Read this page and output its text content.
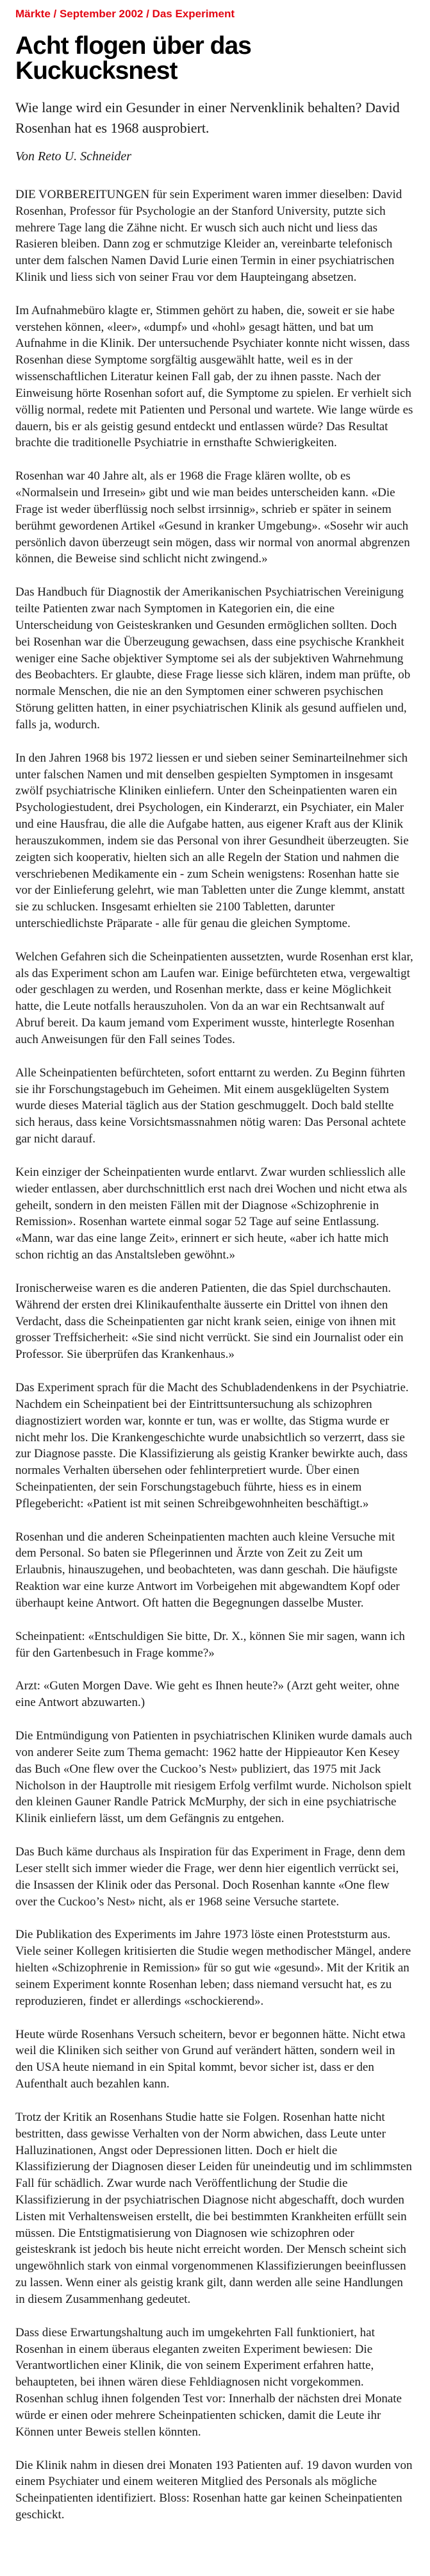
Märkte / September 2002 / Das Experiment
Acht flogen über das Kuckucksnest

Wie lange wird ein Gesunder in einer Nervenklinik behalten? David Rosenhan hat es 1968 ausprobiert.

Von Reto U. Schneider

DIE VORBEREITUNGEN für sein Experiment waren immer dieselben: David Rosenhan, Professor für Psychologie an der Stanford University, putzte sich mehrere Tage lang die Zähne nicht. Er wusch sich auch nicht und liess das Rasieren bleiben. Dann zog er schmutzige Kleider an, vereinbarte telefonisch unter dem falschen Namen David Lurie einen Termin in einer psychiatrischen Klinik und liess sich von seiner Frau vor dem Haupteingang absetzen.

Im Aufnahmebüro klagte er, Stimmen gehört zu haben, die, soweit er sie habe verstehen können, «leer», «dumpf» und «hohl» gesagt hätten, und bat um Aufnahme in die Klinik. Der untersuchende Psychiater konnte nicht wissen, dass Rosenhan diese Symptome sorgfältig ausgewählt hatte, weil es in der wissenschaftlichen Literatur keinen Fall gab, der zu ihnen passte. Nach der Einweisung hörte Rosenhan sofort auf, die Symptome zu spielen. Er verhielt sich völlig normal, redete mit Patienten und Personal und wartete. Wie lange würde es dauern, bis er als geistig gesund entdeckt und entlassen würde? Das Resultat brachte die traditionelle Psychiatrie in ernsthafte Schwierigkeiten.

Rosenhan war 40 Jahre alt, als er 1968 die Frage klären wollte, ob es «Normalsein und Irresein» gibt und wie man beides unterscheiden kann. «Die Frage ist weder überflüssig noch selbst irrsinnig», schrieb er später in seinem berühmt gewordenen Artikel «Gesund in kranker Umgebung». «Sosehr wir auch persönlich davon überzeugt sein mögen, dass wir normal von anormal abgrenzen können, die Beweise sind schlicht nicht zwingend.»

Das Handbuch für Diagnostik der Amerikanischen Psychiatrischen Vereinigung teilte Patienten zwar nach Symptomen in Kategorien ein, die eine Unterscheidung von Geisteskranken und Gesunden ermöglichen sollten. Doch bei Rosenhan war die Überzeugung gewachsen, dass eine psychische Krankheit weniger eine Sache objektiver Symptome sei als der subjektiven Wahrnehmung des Beobachters. Er glaubte, diese Frage liesse sich klären, indem man prüfte, ob normale Menschen, die nie an den Symptomen einer schweren psychischen Störung gelitten hatten, in einer psychiatrischen Klinik als gesund auffielen und, falls ja, wodurch.

In den Jahren 1968 bis 1972 liessen er und sieben seiner Seminarteilnehmer sich unter falschen Namen und mit denselben gespielten Symptomen in insgesamt zwölf psychiatrische Kliniken einliefern. Unter den Scheinpatienten waren ein Psychologiestudent, drei Psychologen, ein Kinderarzt, ein Psychiater, ein Maler und eine Hausfrau, die alle die Aufgabe hatten, aus eigener Kraft aus der Klinik herauszukommen, indem sie das Personal von ihrer Gesundheit überzeugten. Sie zeigten sich kooperativ, hielten sich an alle Regeln der Station und nahmen die verschriebenen Medikamente ein - zum Schein wenigstens: Rosenhan hatte sie vor der Einlieferung gelehrt, wie man Tabletten unter die Zunge klemmt, anstatt sie zu schlucken. Insgesamt erhielten sie 2100 Tabletten, darunter unterschiedlichste Präparate - alle für genau die gleichen Symptome.

Welchen Gefahren sich die Scheinpatienten aussetzten, wurde Rosenhan erst klar, als das Experiment schon am Laufen war. Einige befürchteten etwa, vergewaltigt oder geschlagen zu werden, und Rosenhan merkte, dass er keine Möglichkeit hatte, die Leute notfalls herauszuholen. Von da an war ein Rechtsanwalt auf Abruf bereit. Da kaum jemand vom Experiment wusste, hinterlegte Rosenhan auch Anweisungen für den Fall seines Todes.

Alle Scheinpatienten befürchteten, sofort enttarnt zu werden. Zu Beginn führten sie ihr Forschungstagebuch im Geheimen. Mit einem ausgeklügelten System wurde dieses Material täglich aus der Station geschmuggelt. Doch bald stellte sich heraus, dass keine Vorsichtsmassnahmen nötig waren: Das Personal achtete gar nicht darauf.

Kein einziger der Scheinpatienten wurde entlarvt. Zwar wurden schliesslich alle wieder entlassen, aber durchschnittlich erst nach drei Wochen und nicht etwa als geheilt, sondern in den meisten Fällen mit der Diagnose «Schizophrenie in Remission». Rosenhan wartete einmal sogar 52 Tage auf seine Entlassung. «Mann, war das eine lange Zeit», erinnert er sich heute, «aber ich hatte mich schon richtig an das Anstaltsleben gewöhnt.»

Ironischerweise waren es die anderen Patienten, die das Spiel durchschauten. Während der ersten drei Klinikaufenthalte äusserte ein Drittel von ihnen den Verdacht, dass die Scheinpatienten gar nicht krank seien, einige von ihnen mit grosser Treffsicherheit: «Sie sind nicht verrückt. Sie sind ein Journalist oder ein Professor. Sie überprüfen das Krankenhaus.»

Das Experiment sprach für die Macht des Schubladendenkens in der Psychiatrie. Nachdem ein Scheinpatient bei der Eintrittsuntersuchung als schizophren diagnostiziert worden war, konnte er tun, was er wollte, das Stigma wurde er nicht mehr los. Die Krankengeschichte wurde unabsichtlich so verzerrt, dass sie zur Diagnose passte. Die Klassifizierung als geistig Kranker bewirkte auch, dass normales Verhalten übersehen oder fehlinterpretiert wurde. Über einen Scheinpatienten, der sein Forschungstagebuch führte, hiess es in einem Pflegebericht: «Patient ist mit seinen Schreibgewohnheiten beschäftigt.»

Rosenhan und die anderen Scheinpatienten machten auch kleine Versuche mit dem Personal. So baten sie Pflegerinnen und Ärzte von Zeit zu Zeit um Erlaubnis, hinauszugehen, und beobachteten, was dann geschah. Die häufigste Reaktion war eine kurze Antwort im Vorbeigehen mit abgewandtem Kopf oder überhaupt keine Antwort. Oft hatten die Begegnungen dasselbe Muster.

Scheinpatient: «Entschuldigen Sie bitte, Dr. X., können Sie mir sagen, wann ich für den Gartenbesuch in Frage komme?»

Arzt: «Guten Morgen Dave. Wie geht es Ihnen heute?» (Arzt geht weiter, ohne eine Antwort abzuwarten.)

Die Entmündigung von Patienten in psychiatrischen Kliniken wurde damals auch von anderer Seite zum Thema gemacht: 1962 hatte der Hippieautor Ken Kesey das Buch «One flew over the Cuckoo’s Nest» publiziert, das 1975 mit Jack Nicholson in der Hauptrolle mit riesigem Erfolg verfilmt wurde. Nicholson spielt den kleinen Gauner Randle Patrick McMurphy, der sich in eine psychiatrische Klinik einliefern lässt, um dem Gefängnis zu entgehen.

Das Buch käme durchaus als Inspiration für das Experiment in Frage, denn dem Leser stellt sich immer wieder die Frage, wer denn hier eigentlich verrückt sei, die Insassen der Klinik oder das Personal. Doch Rosenhan kannte «One flew over the Cuckoo’s Nest» nicht, als er 1968 seine Versuche startete.

Die Publikation des Experiments im Jahre 1973 löste einen Proteststurm aus. Viele seiner Kollegen kritisierten die Studie wegen methodischer Mängel, andere hielten «Schizophrenie in Remission» für so gut wie «gesund». Mit der Kritik an seinem Experiment konnte Rosenhan leben; dass niemand versucht hat, es zu reproduzieren, findet er allerdings «schockierend».

Heute würde Rosenhans Versuch scheitern, bevor er begonnen hätte. Nicht etwa weil die Kliniken sich seither von Grund auf verändert hätten, sondern weil in den USA heute niemand in ein Spital kommt, bevor sicher ist, dass er den Aufenthalt auch bezahlen kann.

Trotz der Kritik an Rosenhans Studie hatte sie Folgen. Rosenhan hatte nicht bestritten, dass gewisse Verhalten von der Norm abwichen, dass Leute unter Halluzinationen, Angst oder Depressionen litten. Doch er hielt die Klassifizierung der Diagnosen dieser Leiden für uneindeutig und im schlimmsten Fall für schädlich. Zwar wurde nach Veröffentlichung der Studie die Klassifizierung in der psychiatrischen Diagnose nicht abgeschafft, doch wurden Listen mit Verhaltensweisen erstellt, die bei bestimmten Krankheiten erfüllt sein müssen. Die Entstigmatisierung von Diagnosen wie schizophren oder geisteskrank ist jedoch bis heute nicht erreicht worden. Der Mensch scheint sich ungewöhnlich stark von einmal vorgenommenen Klassifizierungen beeinflussen zu lassen. Wenn einer als geistig krank gilt, dann werden alle seine Handlungen in diesem Zusammenhang gedeutet.

Dass diese Erwartungshaltung auch im umgekehrten Fall funktioniert, hat Rosenhan in einem überaus eleganten zweiten Experiment bewiesen: Die Verantwortlichen einer Klinik, die von seinem Experiment erfahren hatte, behaupteten, bei ihnen wären diese Fehldiagnosen nicht vorgekommen. Rosenhan schlug ihnen folgenden Test vor: Innerhalb der nächsten drei Monate würde er einen oder mehrere Scheinpatienten schicken, damit die Leute ihr Können unter Beweis stellen könnten.

Die Klinik nahm in diesen drei Monaten 193 Patienten auf. 19 davon wurden von einem Psychiater und einem weiteren Mitglied des Personals als mögliche Scheinpatienten identifiziert. Bloss: Rosenhan hatte gar keinen Scheinpatienten geschickt.
